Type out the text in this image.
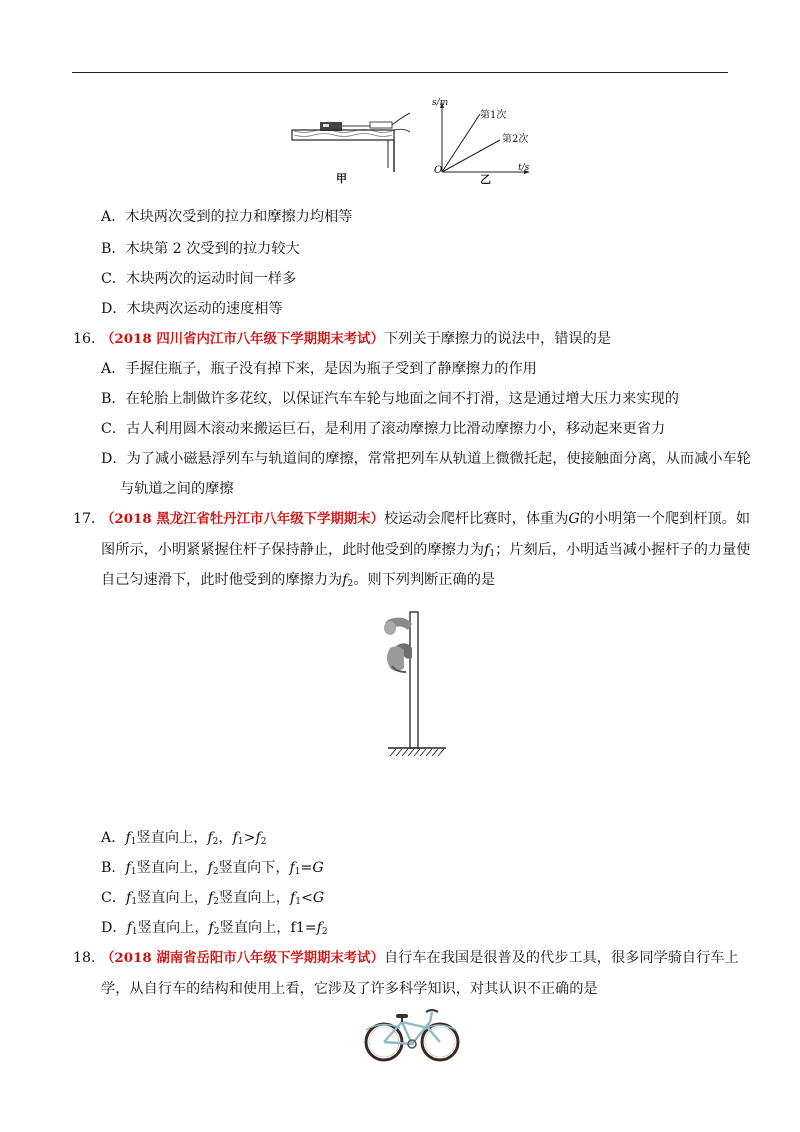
甲
s/m
第1次
第2次
O	t/s
乙
A．木块两次受到的拉力和摩擦力均相等
B．木块第 2 次受到的拉力较大
C．木块两次的运动时间一样多
D．木块两次运动的速度相等
16．
（2018 四川省内江市八年级下学期期末考试）下列关于摩擦力的说法中，错误的是
A．手握住瓶子，瓶子没有掉下来，是因为瓶子受到了静摩擦力的作用
B．在轮胎上制做许多花纹，以保证汽车车轮与地面之间不打滑，这是通过增大压力来实现的
C．古人利用圆木滚动来搬运巨石，是利用了滚动摩擦力比滑动摩擦力小，移动起来更省力
D．为了减小磁悬浮列车与轨道间的摩擦，常常把列车从轨道上微微托起，使接触面分离，从而减小车轮
与轨道之间的摩擦
17．
（2018 黑龙江省牡丹江市八年级下学期期末）校运动会爬杆比赛时，体重为G的小明第一个爬到杆顶。如
图所示，小明紧紧握住杆子保持静止，此时他受到的摩擦力为$f_1$；片刻后，小明适当减小握杆子的力量使
自己匀速滑下，此时他受到的摩擦力为$f_2$。则下列判断正确的是
A．$f_1$竖直向上，$f_2$，$f_1>f_2$
B．$f_1$竖直向上，$f_2$竖直向下，$f_1=G$
C．$f_1$竖直向上，$f_2$竖直向上，$f_1<G$
D．$f_1$竖直向上，$f_2$竖直向上，$f1=f_2$
18．
（2018 湖南省岳阳市八年级下学期期末考试）自行车在我国是很普及的代步工具，很多同学骑自行车上
学，从自行车的结构和使用上看，它涉及了许多科学知识，对其认识不正确的是
